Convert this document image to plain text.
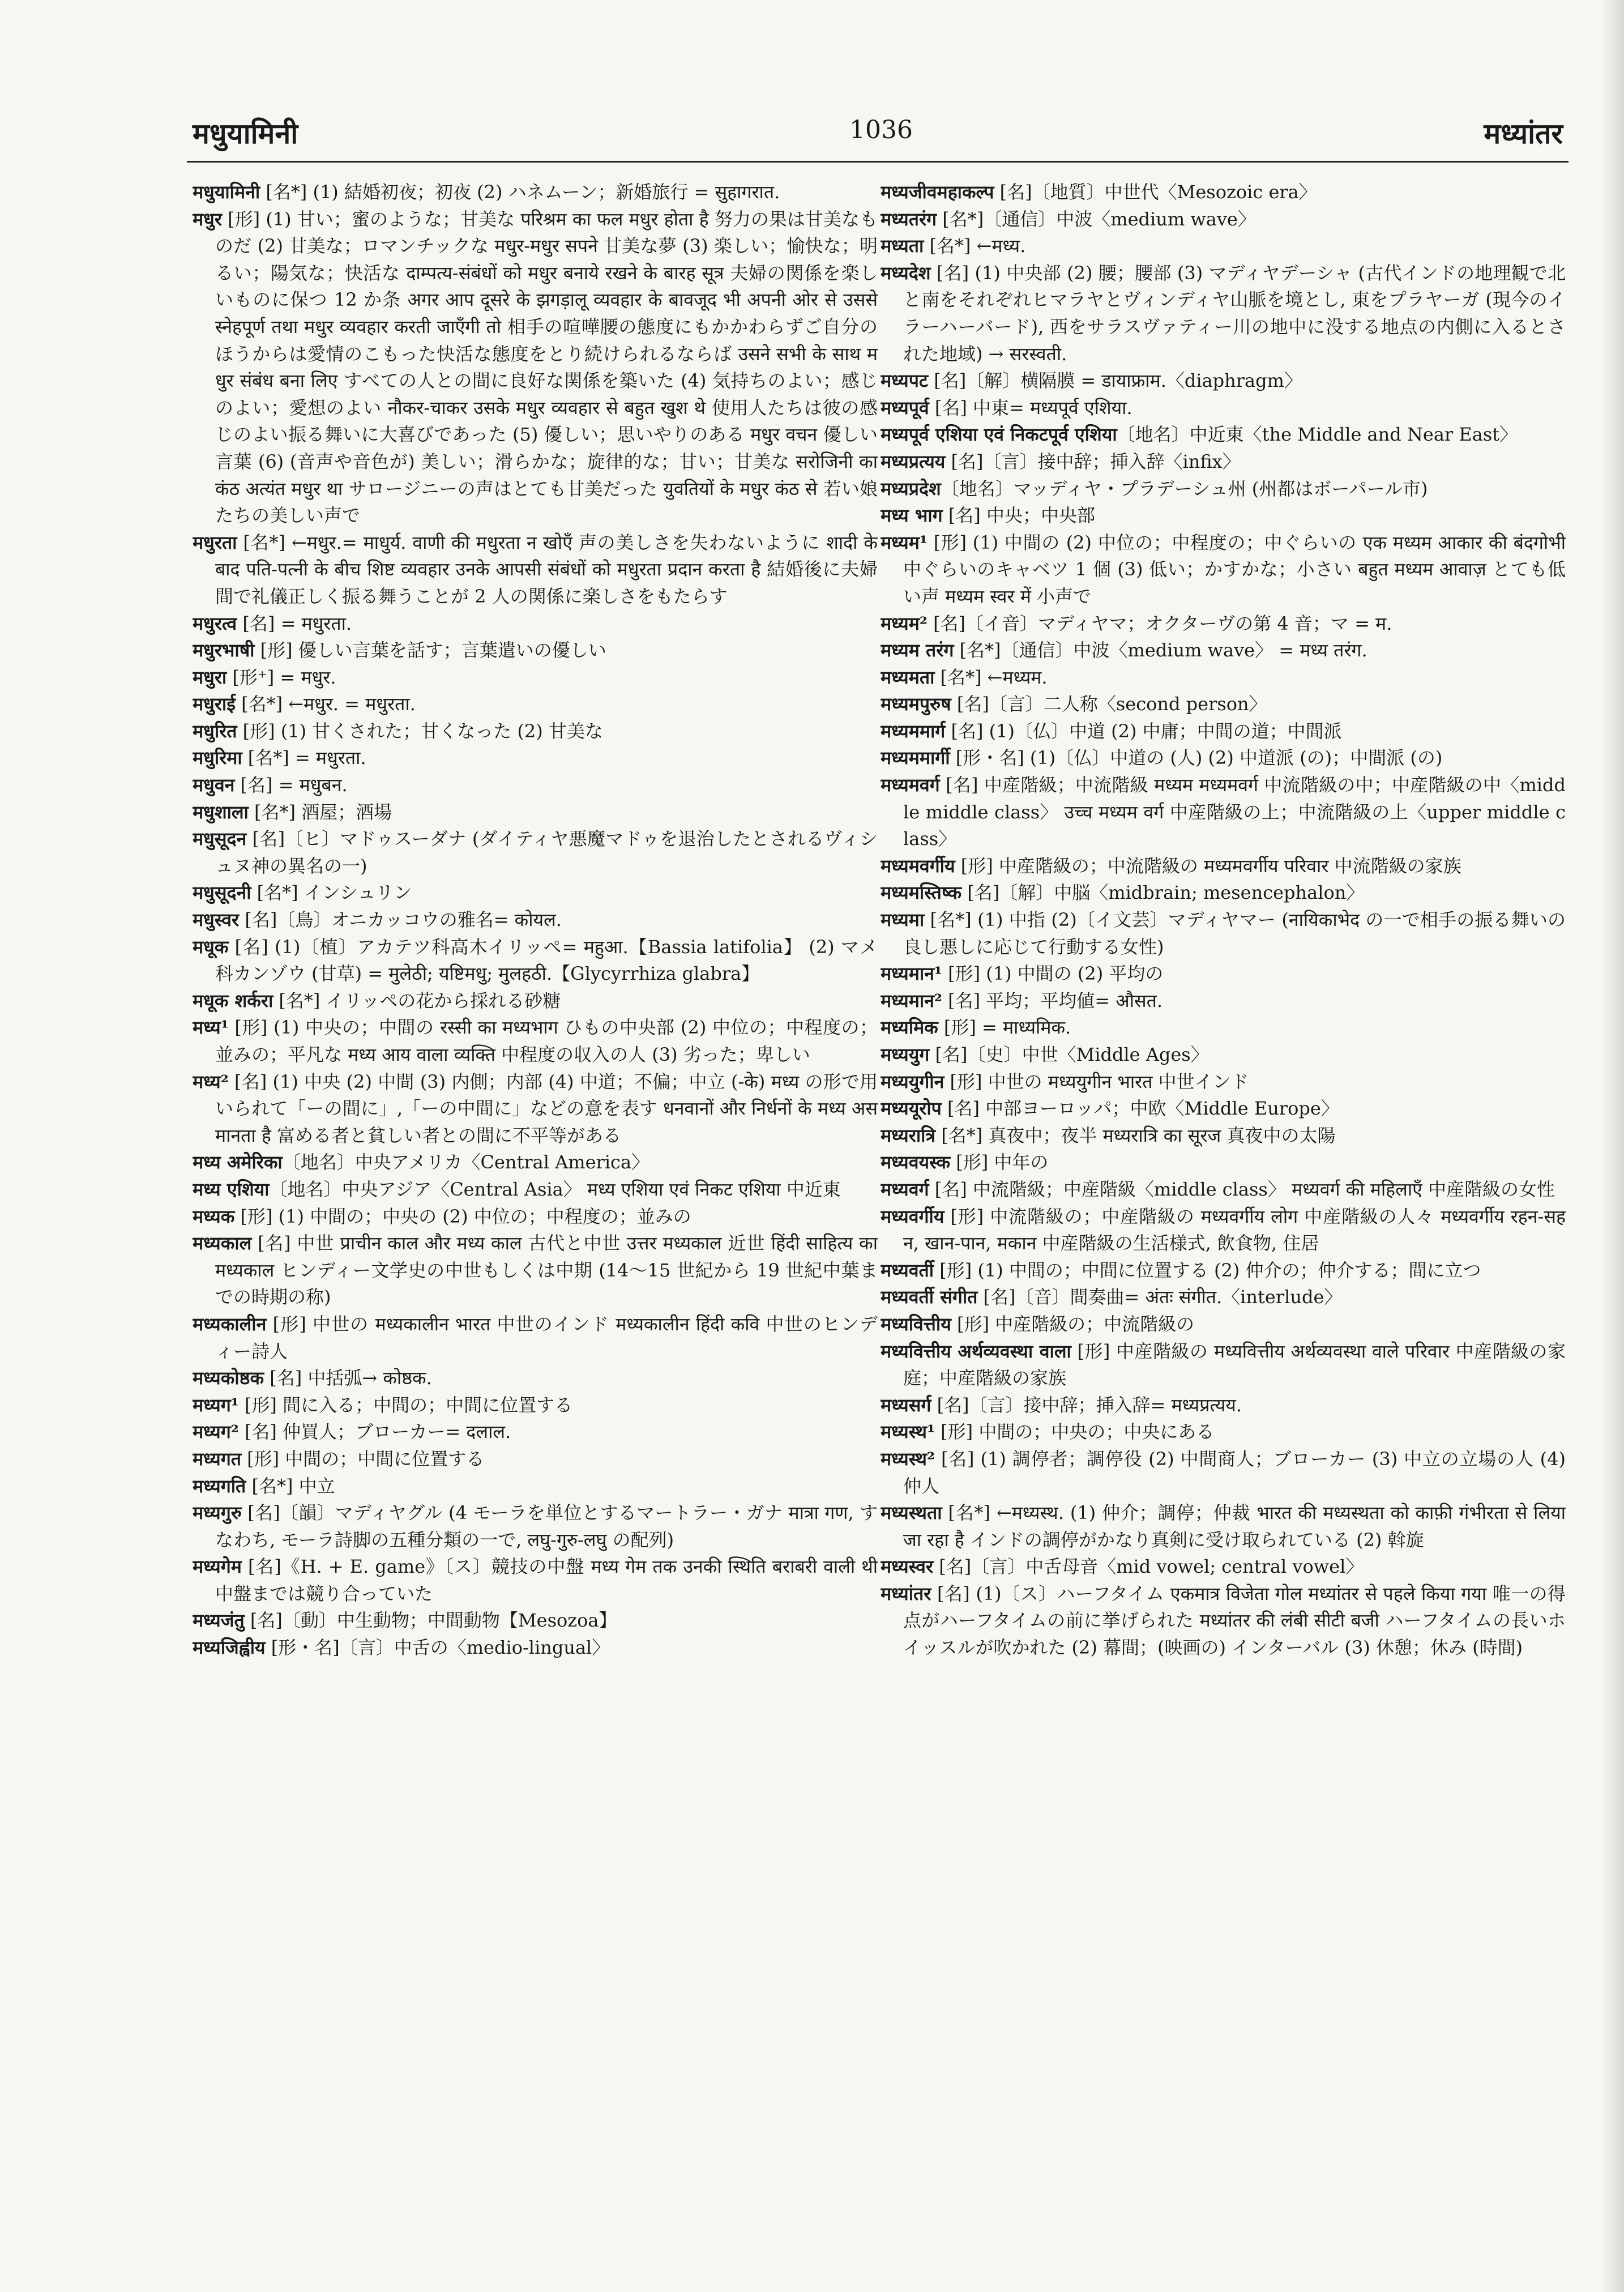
मधुयामिनी	1036	मध्यांतर

मधुयामिनी [名*] (1) 結婚初夜；初夜 (2) ハネムーン；新婚旅行 = सुहागरात.

मधुर [形] (1) 甘い；蜜のような；甘美な परिश्रम का फल मधुर होता है 努力の果は甘美なものだ (2) 甘美な；ロマンチックな मधुर-मधुर सपने 甘美な夢 (3) 楽しい；愉快な；明るい；陽気な；快活な दाम्पत्य-संबंधों को मधुर बनाये रखने के बारह सूत्र 夫婦の関係を楽しいものに保つ 12 か条 अगर आप दूसरे के झगड़ालू व्यवहार के बावजूद भी अपनी ओर से उससे स्नेहपूर्ण तथा मधुर व्यवहार करती जाएँगी तो 相手の喧嘩腰の態度にもかかわらずご自分のほうからは愛情のこもった快活な態度をとり続けられるならば उसने सभी के साथ मधुर संबंध बना लिए すべての人との間に良好な関係を築いた (4) 気持ちのよい；感じのよい；愛想のよい नौकर-चाकर उसके मधुर व्यवहार से बहुत खुश थे 使用人たちは彼の感じのよい振る舞いに大喜びであった (5) 優しい；思いやりのある मधुर वचन 優しい言葉 (6) (音声や音色が) 美しい；滑らかな；旋律的な；甘い；甘美な सरोजिनी का कंठ अत्यंत मधुर था サロージニーの声はとても甘美だった युवतियों के मधुर कंठ से 若い娘たちの美しい声で

मधुरता [名*] ←मधुर.= माधुर्य. वाणी की मधुरता न खोएँ 声の美しさを失わないように शादी के बाद पति-पत्नी के बीच शिष्ट व्यवहार उनके आपसी संबंधों को मधुरता प्रदान करता है 結婚後に夫婦間で礼儀正しく振る舞うことが 2 人の関係に楽しさをもたらす

मधुरत्व [名] = मधुरता.

मधुरभाषी [形] 優しい言葉を話す；言葉遣いの優しい

मधुरा [形⁺] = मधुर.

मधुराई [名*] ←मधुर. = मधुरता.

मधुरित [形] (1) 甘くされた；甘くなった (2) 甘美な

मधुरिमा [名*] = मधुरता.

मधुवन [名] = मधुबन.

मधुशाला [名*] 酒屋；酒場

मधुसूदन [名]〔ヒ〕マドゥスーダナ (ダイティヤ悪魔マドゥを退治したとされるヴィシュヌ神の異名の一)

मधुसूदनी [名*] インシュリン

मधुस्वर [名]〔鳥〕オニカッコウの雅名= कोयल.

मधूक [名] (1)〔植〕アカテツ科高木イリッペ= महुआ.【Bassia latifolia】 (2) マメ科カンゾウ (甘草) = मुलेठी; यष्टिमधु; मुलहठी.【Glycyrrhiza glabra】

मधूक शर्करा [名*] イリッペの花から採れる砂糖

मध्य¹ [形] (1) 中央の；中間の रस्सी का मध्यभाग ひもの中央部 (2) 中位の；中程度の；並みの；平凡な मध्य आय वाला व्यक्ति 中程度の収入の人 (3) 劣った；卑しい

मध्य² [名] (1) 中央 (2) 中間 (3) 内側；内部 (4) 中道；不偏；中立 (-के) मध्य の形で用いられて「ーの間に」,「ーの中間に」などの意を表す धनवानों और निर्धनों के मध्य असमानता है 富める者と貧しい者との間に不平等がある

मध्य अमेरिका〔地名〕中央アメリカ〈Central America〉

मध्य एशिया〔地名〕中央アジア〈Central Asia〉 मध्य एशिया एवं निकट एशिया 中近東

मध्यक [形] (1) 中間の；中央の (2) 中位の；中程度の；並みの

मध्यकाल [名] 中世 प्राचीन काल और मध्य काल 古代と中世 उत्तर मध्यकाल 近世 हिंदी साहित्य का मध्यकाल ヒンディー文学史の中世もしくは中期 (14〜15 世紀から 19 世紀中葉までの時期の称)

मध्यकालीन [形] 中世の मध्यकालीन भारत 中世のインド मध्यकालीन हिंदी कवि 中世のヒンディー詩人

मध्यकोष्ठक [名] 中括弧→ कोष्ठक.

मध्यग¹ [形] 間に入る；中間の；中間に位置する

मध्यग² [名] 仲買人；ブローカー= दलाल.

मध्यगत [形] 中間の；中間に位置する

मध्यगति [名*] 中立

मध्यगुरु [名]〔韻〕マディヤグル (4 モーラを単位とするマートラー・ガナ मात्रा गण, すなわち, モーラ詩脚の五種分類の一で, लघु-गुरु-लघु の配列)

मध्यगेम [名]《H. + E. game》〔ス〕競技の中盤 मध्य गेम तक उनकी स्थिति बराबरी वाली थी 中盤までは競り合っていた

मध्यजंतु [名]〔動〕中生動物；中間動物【Mesozoa】

मध्यजिह्वीय [形・名]〔言〕中舌の〈medio-lingual〉

मध्यजीवमहाकल्प [名]〔地質〕中世代〈Mesozoic era〉

मध्यतरंग [名*]〔通信〕中波〈medium wave〉

मध्यता [名*] ←मध्य.

मध्यदेश [名] (1) 中央部 (2) 腰；腰部 (3) マディヤデーシャ (古代インドの地理観で北と南をそれぞれヒマラヤとヴィンディヤ山脈を境とし, 東をプラヤーガ (現今のイラーハーバード), 西をサラスヴァティー川の地中に没する地点の内側に入るとされた地域) → सरस्वती.

मध्यपट [名]〔解〕横隔膜 = डायाफ्राम.〈diaphragm〉

मध्यपूर्व [名] 中東= मध्यपूर्व एशिया.

मध्यपूर्व एशिया एवं निकटपूर्व एशिया〔地名〕中近東〈the Middle and Near East〉

मध्यप्रत्यय [名]〔言〕接中辞；挿入辞〈infix〉

मध्यप्रदेश〔地名〕マッディヤ・プラデーシュ州 (州都はボーパール市)

मध्य भाग [名] 中央；中央部

मध्यम¹ [形] (1) 中間の (2) 中位の；中程度の；中ぐらいの एक मध्यम आकार की बंदगोभी 中ぐらいのキャベツ 1 個 (3) 低い；かすかな；小さい बहुत मध्यम आवाज़ とても低い声 मध्यम स्वर में 小声で

मध्यम² [名]〔イ音〕マディヤマ；オクターヴの第 4 音；マ = म.

मध्यम तरंग [名*]〔通信〕中波〈medium wave〉 = मध्य तरंग.

मध्यमता [名*] ←मध्यम.

मध्यमपुरुष [名]〔言〕二人称〈second person〉

मध्यममार्ग [名] (1)〔仏〕中道 (2) 中庸；中間の道；中間派

मध्यममार्गी [形・名] (1)〔仏〕中道の (人) (2) 中道派 (の)；中間派 (の)

मध्यमवर्ग [名] 中産階級；中流階級 मध्यम मध्यमवर्ग 中流階級の中；中産階級の中〈middle middle class〉 उच्च मध्यम वर्ग 中産階級の上；中流階級の上〈upper middle class〉

मध्यमवर्गीय [形] 中産階級の；中流階級の मध्यमवर्गीय परिवार 中流階級の家族

मध्यमस्तिष्क [名]〔解〕中脳〈midbrain; mesencephalon〉

मध्यमा [名*] (1) 中指 (2)〔イ文芸〕マディヤマー (नायिकाभेद の一で相手の振る舞いの良し悪しに応じて行動する女性)

मध्यमान¹ [形] (1) 中間の (2) 平均の

मध्यमान² [名] 平均；平均値= औसत.

मध्यमिक [形] = माध्यमिक.

मध्ययुग [名]〔史〕中世〈Middle Ages〉

मध्ययुगीन [形] 中世の मध्ययुगीन भारत 中世インド

मध्ययूरोप [名] 中部ヨーロッパ；中欧〈Middle Europe〉

मध्यरात्रि [名*] 真夜中；夜半 मध्यरात्रि का सूरज 真夜中の太陽

मध्यवयस्क [形] 中年の

मध्यवर्ग [名] 中流階級；中産階級〈middle class〉 मध्यवर्ग की महिलाएँ 中産階級の女性

मध्यवर्गीय [形] 中流階級の；中産階級の मध्यवर्गीय लोग 中産階級の人々 मध्यवर्गीय रहन-सहन, खान-पान, मकान 中産階級の生活様式, 飲食物, 住居

मध्यवर्ती [形] (1) 中間の；中間に位置する (2) 仲介の；仲介する；間に立つ

मध्यवर्ती संगीत [名]〔音〕間奏曲= अंतः संगीत.〈interlude〉

मध्यवित्तीय [形] 中産階級の；中流階級の

मध्यवित्तीय अर्थव्यवस्था वाला [形] 中産階級の मध्यवित्तीय अर्थव्यवस्था वाले परिवार 中産階級の家庭；中産階級の家族

मध्यसर्ग [名]〔言〕接中辞；挿入辞= मध्यप्रत्यय.

मध्यस्थ¹ [形] 中間の；中央の；中央にある

मध्यस्थ² [名] (1) 調停者；調停役 (2) 中間商人；ブローカー (3) 中立の立場の人 (4) 仲人

मध्यस्थता [名*] ←मध्यस्थ. (1) 仲介；調停；仲裁 भारत की मध्यस्थता को काफ़ी गंभीरता से लिया जा रहा है インドの調停がかなり真剣に受け取られている (2) 斡旋

मध्यस्वर [名]〔言〕中舌母音〈mid vowel; central vowel〉

मध्यांतर [名] (1)〔ス〕ハーフタイム एकमात्र विजेता गोल मध्यांतर से पहले किया गया 唯一の得点がハーフタイムの前に挙げられた मध्यांतर की लंबी सीटी बजी ハーフタイムの長いホイッスルが吹かれた (2) 幕間；(映画の) インターバル (3) 休憩；休み (時間)
